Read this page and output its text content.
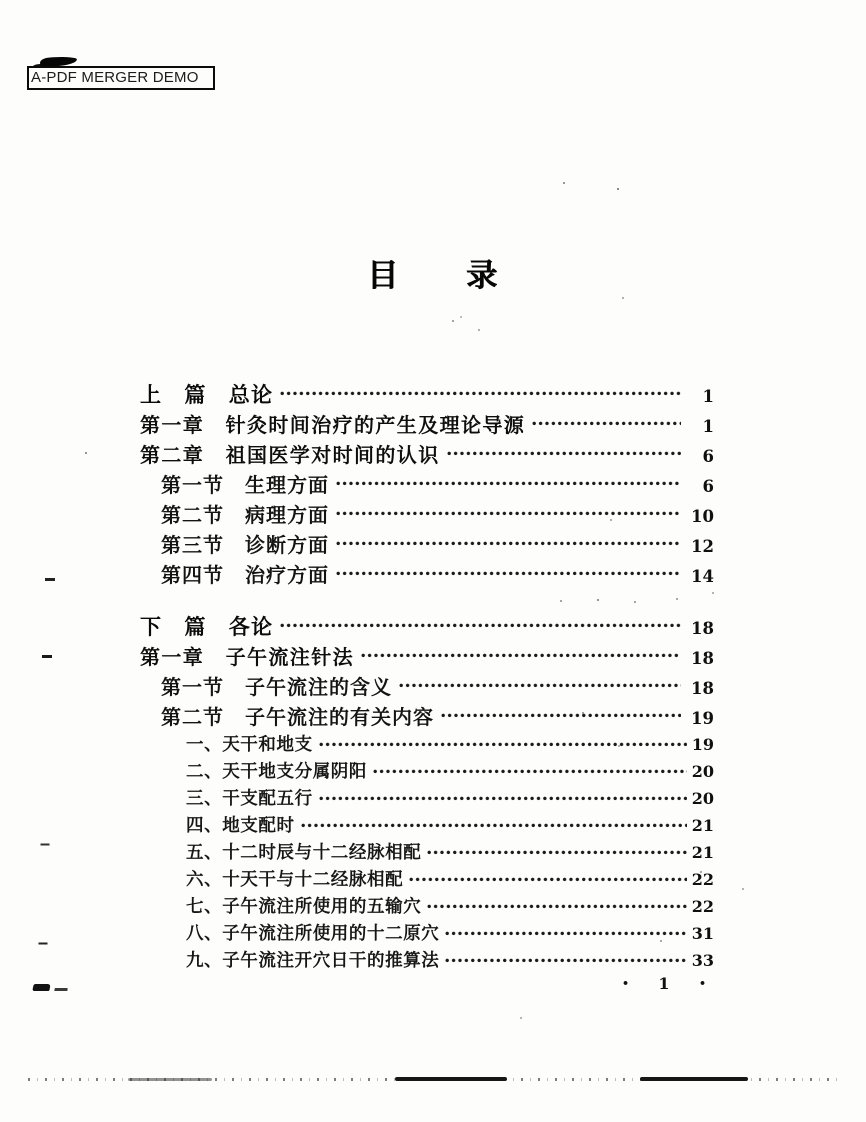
A-PDF MERGER DEMO
目　　录
上　篇　总论	1
第一章　针灸时间治疗的产生及理论导源	1
第二章　祖国医学对时间的认识	6
第一节　生理方面	6
第二节　病理方面	10
第三节　诊断方面	12
第四节　治疗方面	14
下　篇　各论	18
第一章　子午流注针法	18
第一节　子午流注的含义	18
第二节　子午流注的有关内容	19
一、天干和地支	19
二、天干地支分属阴阳	20
三、干支配五行	20
四、地支配时	21
五、十二时辰与十二经脉相配	21
六、十天干与十二经脉相配	22
七、子午流注所使用的五输穴	22
八、子午流注所使用的十二原穴	31
九、子午流注开穴日干的推算法	33
• 1	•
